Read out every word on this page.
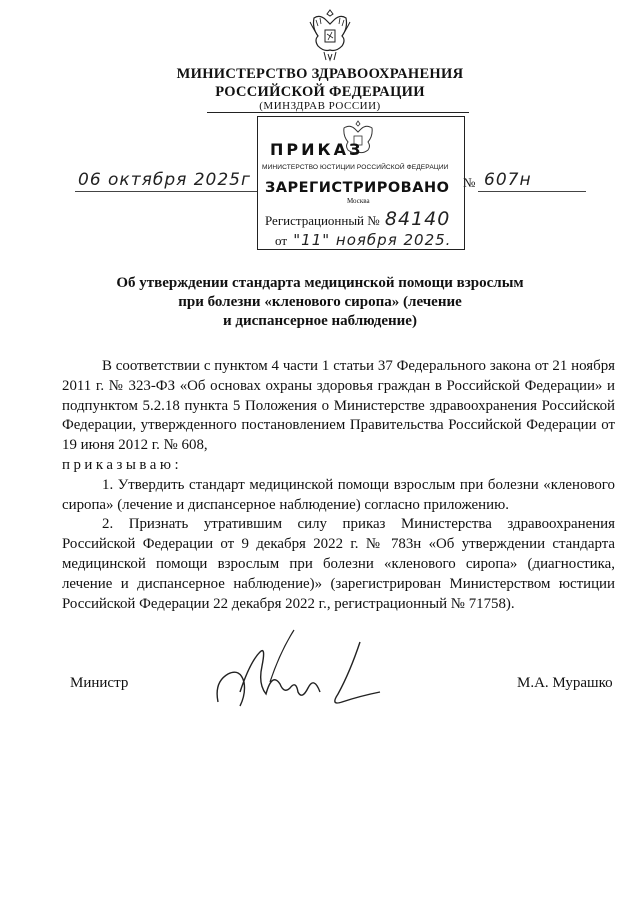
МИНИСТЕРСТВО ЗДРАВООХРАНЕНИЯ
РОССИЙСКОЙ ФЕДЕРАЦИИ
(МИНЗДРАВ РОССИИ)
06 октября 2025г	№ 607н
ПРИКАЗ
МИНИСТЕРСТВО ЮСТИЦИИ РОССИЙСКОЙ ФЕДЕРАЦИИ
ЗАРЕГИСТРИРОВАНО
Москва
Регистрационный № 84140
от "11" ноября 2025.
Об утверждении стандарта медицинской помощи взрослым
при болезни «кленового сиропа» (лечение
и диспансерное наблюдение)

В соответствии с пунктом 4 части 1 статьи 37 Федерального закона от 21 ноября 2011 г. № 323-ФЗ «Об основах охраны здоровья граждан в Российской Федерации» и подпунктом 5.2.18 пункта 5 Положения о Министерстве здравоохранения Российской Федерации, утвержденного постановлением Правительства Российской Федерации от 19 июня 2012 г. № 608,

приказываю:

1. Утвердить стандарт медицинской помощи взрослым при болезни «кленового сиропа» (лечение и диспансерное наблюдение) согласно приложению.

2. Признать утратившим силу приказ Министерства здравоохранения Российской Федерации от 9 декабря 2022 г. № 783н «Об утверждении стандарта медицинской помощи взрослым при болезни «кленового сиропа» (диагностика, лечение и диспансерное наблюдение)» (зарегистрирован Министерством юстиции Российской Федерации 22 декабря 2022 г., регистрационный № 71758).

Министр	М.А. Мурашко
